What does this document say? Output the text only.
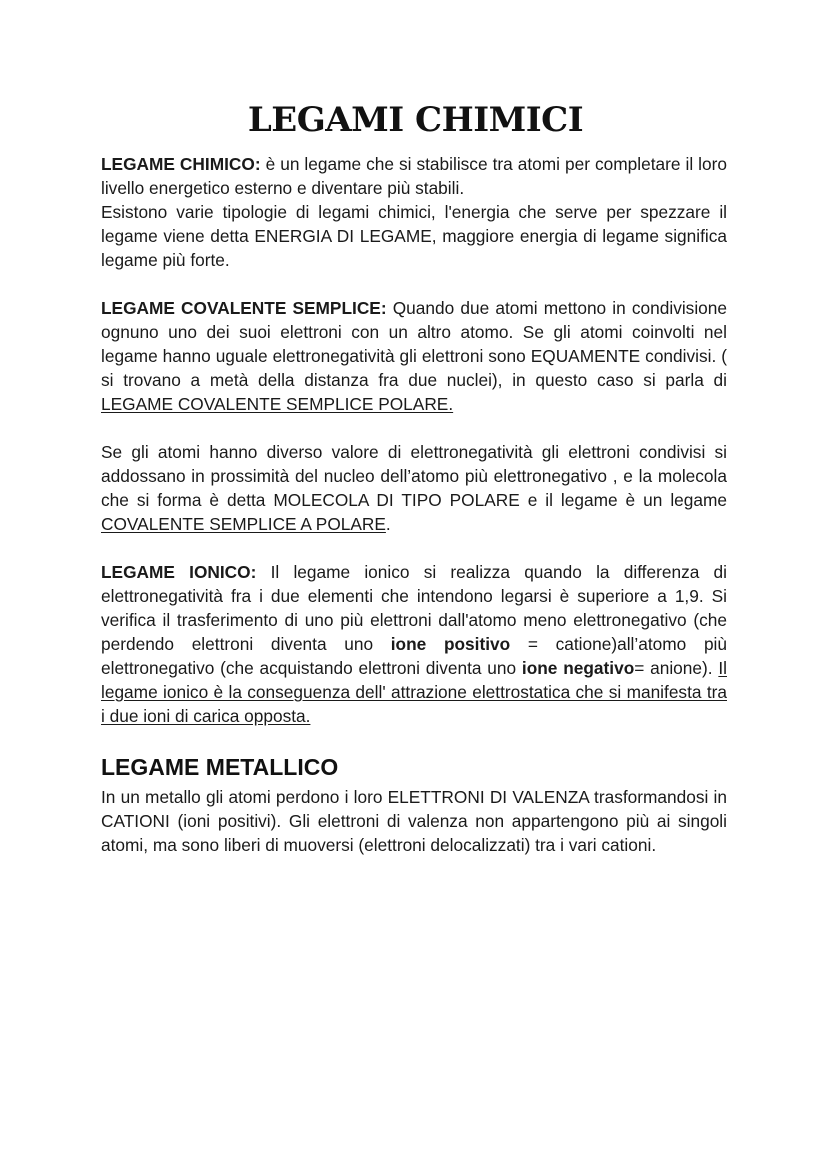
LEGAMI CHIMICI

LEGAME CHIMICO: è un legame che si stabilisce tra atomi per completare il loro livello energetico esterno e diventare più stabili.

Esistono varie tipologie di legami chimici, l'energia che serve per spezzare il legame viene detta ENERGIA DI LEGAME, maggiore energia di legame significa legame più forte.

LEGAME COVALENTE SEMPLICE: Quando due atomi mettono in condivisione ognuno uno dei suoi elettroni con un altro atomo. Se gli atomi coinvolti nel legame hanno uguale elettronegatività gli elettroni sono EQUAMENTE condivisi. ( si trovano a metà della distanza fra due nuclei), in questo caso si parla di LEGAME COVALENTE SEMPLICE POLARE.

Se gli atomi hanno diverso valore di elettronegatività gli elettroni condivisi si addossano in prossimità del nucleo dell’atomo più elettronegativo , e la molecola che si forma è detta MOLECOLA DI TIPO POLARE e il legame è un legame COVALENTE SEMPLICE A POLARE.

LEGAME IONICO: Il legame ionico si realizza quando la differenza di elettronegatività fra i due elementi che intendono legarsi è superiore a 1,9. Si verifica il trasferimento di uno più elettroni dall'atomo meno elettronegativo (che perdendo elettroni diventa uno ione positivo = catione)all’atomo più elettronegativo (che acquistando elettroni diventa uno ione negativo= anione). Il legame ionico è la conseguenza dell' attrazione elettrostatica che si manifesta tra i due ioni di carica opposta.

LEGAME METALLICO

In un metallo gli atomi perdono i loro ELETTRONI DI VALENZA trasformandosi in CATIONI (ioni positivi). Gli elettroni di valenza non appartengono più ai singoli atomi, ma sono liberi di muoversi (elettroni delocalizzati) tra i vari cationi.
